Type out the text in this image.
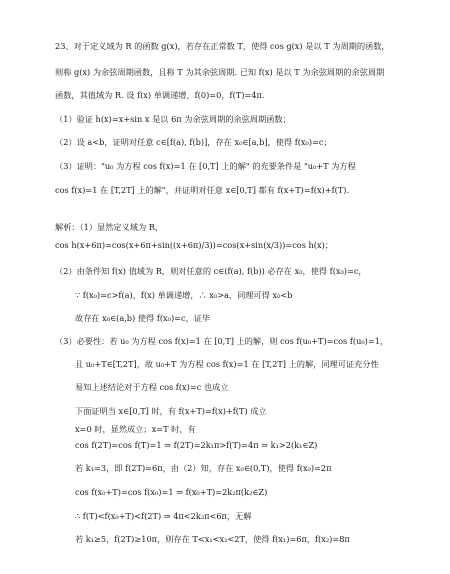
23、对于定义域为 R 的函数 g(x)，若存在正常数 T，使得 cos g(x) 是以 T 为周期的函数，
则称 g(x) 为余弦周期函数，且称 T 为其余弦周期. 已知 f(x) 是以 T 为余弦周期的余弦周期
函数，其值域为 R. 设 f(x) 单调递增，f(0)=0，f(T)=4π.
（1）验证 h(x)=x+sin x 是以 6π 为余弦周期的余弦周期函数；
（2）设 a<b，证明对任意 c∈[f(a), f(b)]，存在 x₀∈[a,b]，使得 f(x₀)=c；
（3）证明："u₀ 为方程 cos f(x)=1 在 [0,T] 上的解" 的充要条件是 "u₀+T 为方程
cos f(x)=1 在 [T,2T] 上的解"，并证明对任意 x∈[0,T] 都有 f(x+T)=f(x)+f(T).
解析：（1）显然定义域为 R，
cos h(x+6π)=cos(x+6π+sin((x+6π)/3))=cos(x+sin(x/3))=cos h(x)；
（2）由条件知 f(x) 值域为 R，则对任意的 c∈(f(a), f(b)) 必存在 x₀，使得 f(x₀)=c，
∵ f(x₀)=c>f(a)，f(x) 单调递增，∴ x₀>a，同理可得 x₀<b
故存在 x₀∈(a,b) 使得 f(x₀)=c，证毕
（3）必要性：若 u₀ 为方程 cos f(x)=1 在 [0,T] 上的解，则 cos f(u₀+T)=cos f(u₀)=1，
且 u₀+T∈[T,2T]，故 u₀+T 为方程 cos f(x)=1 在 [T,2T] 上的解，同理可证充分性
易知上述结论对于方程 cos f(x)=c 也成立
下面证明当 x∈[0,T] 时，有 f(x+T)=f(x)+f(T) 成立
x=0 时，显然成立；x=T 时，有
cos f(2T)=cos f(T)=1 ⇒ f(2T)=2k₁π>f(T)=4π ⇒ k₁>2(k₁∈Z)
若 k₁=3，即 f(2T)=6π，由（2）知，存在 x₀∈(0,T)，使得 f(x₀)=2π
cos f(x₀+T)=cos f(x₀)=1 ⇒ f(x₀+T)=2k₂π(k₂∈Z)
∴ f(T)<f(x₀+T)<f(2T) ⇒ 4π<2k₂π<6π，无解
若 k₁≥5，f(2T)≥10π，则存在 T<x₁<x₂<2T，使得 f(x₁)=6π，f(x₂)=8π
